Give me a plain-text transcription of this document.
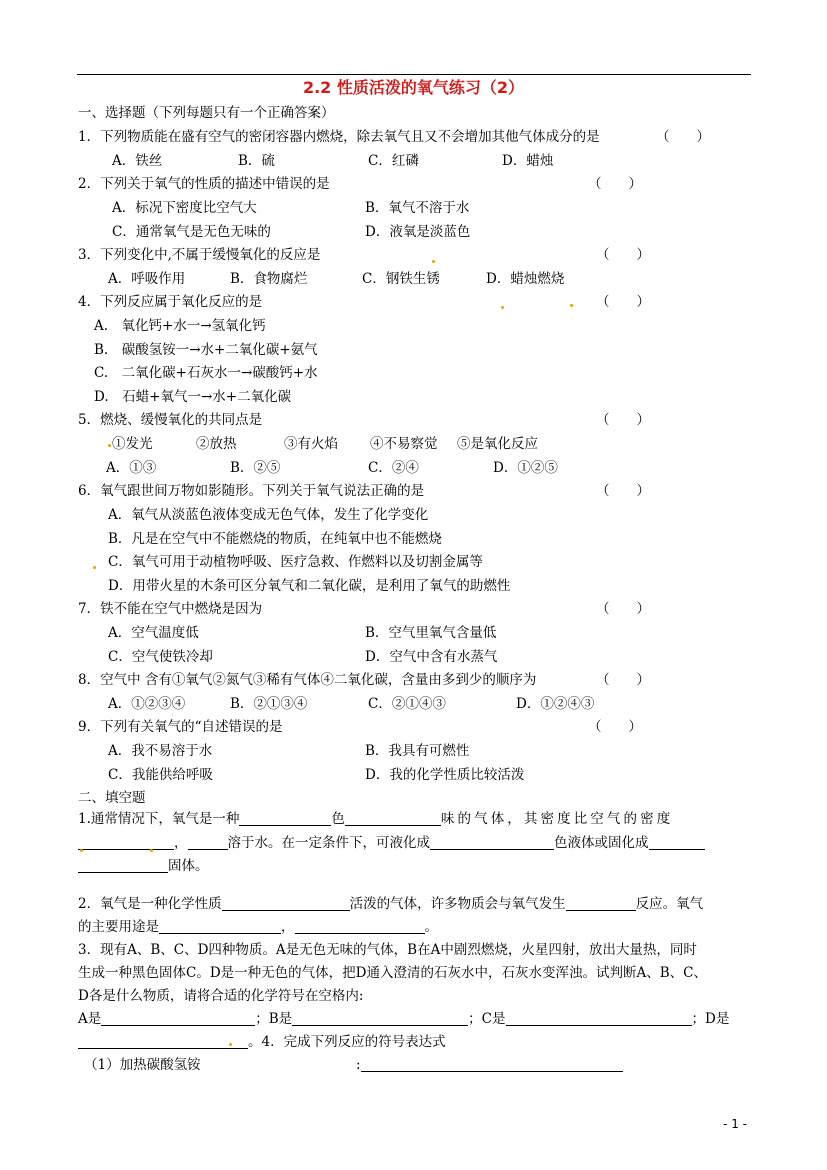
2.2 性质活泼的氧气练习（2）
一、选择题（下列每题只有一个正确答案）
1．下列物质能在盛有空气的密闭容器内燃烧，除去氧气且又不会增加其他气体成分的是	（　　）
A．铁丝	B．硫	C．红磷	D．蜡烛
2．下列关于氧气的性质的描述中错误的是	（　　）
A．标况下密度比空气大	B．氧气不溶于水
C．通常氧气是无色无味的	D．液氧是淡蓝色
3．下列变化中,不属于缓慢氧化的反应是	（　　）
A．呼吸作用	B．食物腐烂	C．钢铁生锈	D．蜡烛燃烧
4．下列反应属于氧化反应的是	（　　）
A.　氧化钙+水一→氢氧化钙
B.　碳酸氢铵一→水+二氧化碳+氨气
C.　二氧化碳+石灰水一→碳酸钙+水
D.　石蜡+氧气一→水+二氧化碳
5．燃烧、缓慢氧化的共同点是	（　　）
①发光	②放热	③有火焰 ④不易察觉 ⑤是氧化反应
A．①③	B．②⑤	C．②④	D．①②⑤
6．氧气跟世间万物如影随形。下列关于氧气说法正确的是	（　　）
A．氧气从淡蓝色液体变成无色气体，发生了化学变化
B．凡是在空气中不能燃烧的物质，在纯氧中也不能燃烧
C．氧气可用于动植物呼吸、医疗急救、作燃料以及切割金属等
D．用带火星的木条可区分氧气和二氧化碳，是利用了氧气的助燃性
7．铁不能在空气中燃烧是因为	（　　）
A．空气温度低	B．空气里氧气含量低
C．空气使铁冷却	D．空气中含有水蒸气
8．空气中 含有①氧气②氮气③稀有气体④二氧化碳，含量由多到少的顺序为	（　　）
A．①②③④	B．②①③④	C．②①④③	D．①②④③
9．下列有关氧气的“自述错误的是	（　　）
A．我不易溶于水	B．我具有可燃性
C．我能供给呼吸	D．我的化学性质比较活泼
二、填空题
1.通常情况下，氧气是一种	色	味的气体，其密度比空气的密度
，	溶于水。在一定条件下，可液化成	色液体或固化成
固体。
2．氧气是一种化学性质	活泼的气体，许多物质会与氧气发生	反应。氧气
的主要用途是	，	。
3．现有A、B、C、D四种物质。A是无色无味的气体，B在A中剧烈燃烧，火星四射，放出大量热，同时
生成一种黑色固体C。D是一种无色的气体，把D通入澄清的石灰水中，石灰水变浑浊。试判断A、B、C、
D各是什么物质，请将合适的化学符号在空格内:
A是	；B是	；C是	；D是
。4．完成下列反应的符号表达式
（1）加热碳酸氢铵	:
- 1 -
